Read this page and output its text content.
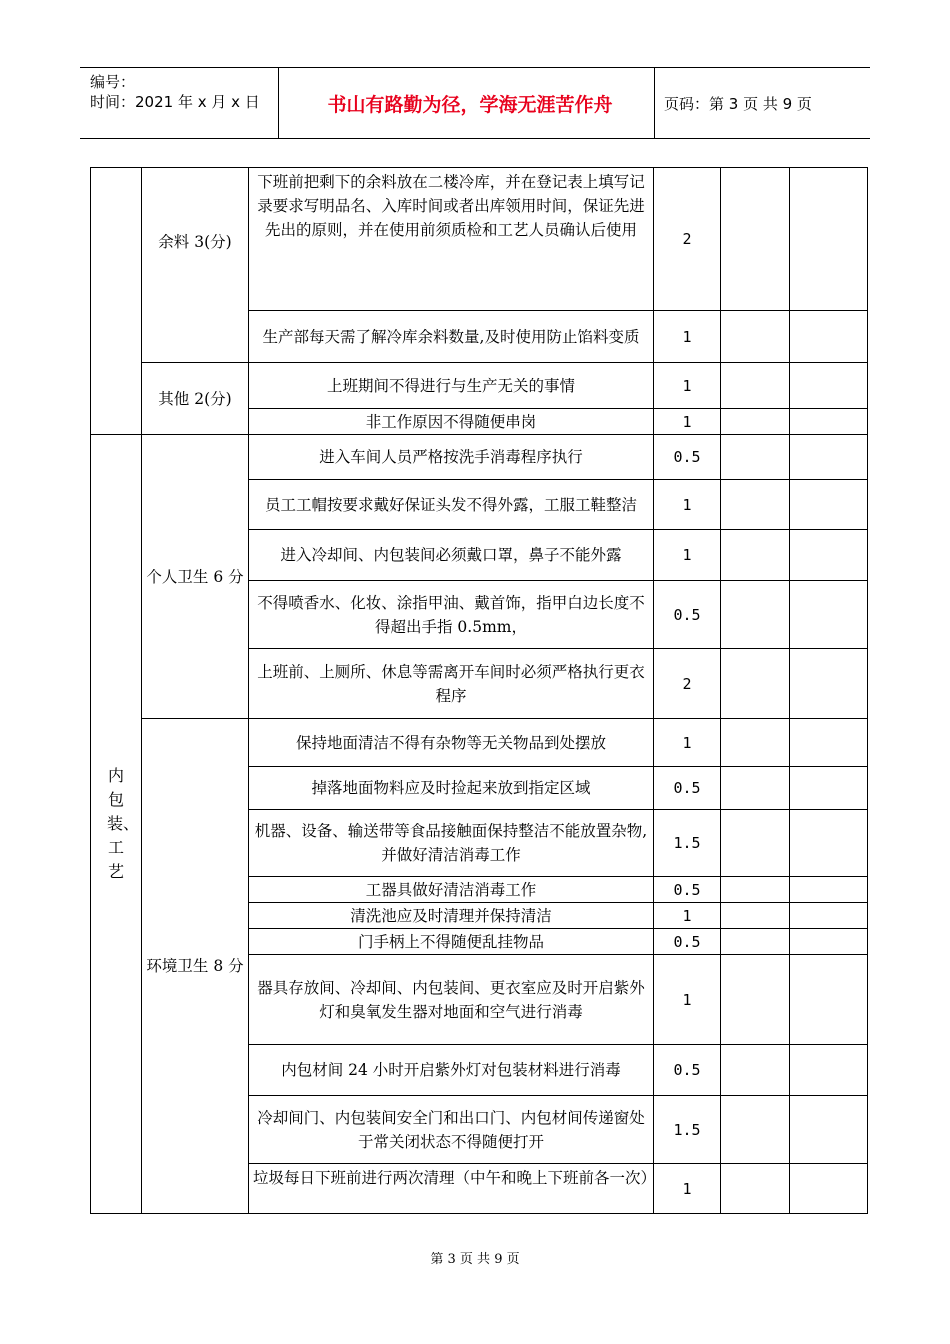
编号：
时间：2021 年 x 月 x 日	书山有路勤为径，学海无涯苦作舟	页码：第 3 页 共 9 页
	余料 3(分)	下班前把剩下的余料放在二楼冷库，并在登记表上填写记录要求写明品名、入库时间或者出库领用时间，保证先进先出的原则，并在使用前须质检和工艺人员确认后使用	2		
		生产部每天需了解冷库余料数量,及时使用防止馅料变质	1		
	其他 2(分)	上班期间不得进行与生产无关的事情	1		
		非工作原因不得随便串岗	1		
内包装、工艺	个人卫生 6 分	进入车间人员严格按洗手消毒程序执行	0.5		
		员工工帽按要求戴好保证头发不得外露，工服工鞋整洁	1		
		进入冷却间、内包装间必须戴口罩，鼻子不能外露	1		
		不得喷香水、化妆、涂指甲油、戴首饰，指甲白边长度不得超出手指 0.5mm，	0.5		
		上班前、上厕所、休息等需离开车间时必须严格执行更衣程序	2		
	环境卫生 8 分	保持地面清洁不得有杂物等无关物品到处摆放	1		
		掉落地面物料应及时捡起来放到指定区域	0.5		
		机器、设备、输送带等食品接触面保持整洁不能放置杂物,并做好清洁消毒工作	1.5		
		工器具做好清洁消毒工作	0.5		
		清洗池应及时清理并保持清洁	1		
		门手柄上不得随便乱挂物品	0.5		
		器具存放间、冷却间、内包装间、更衣室应及时开启紫外灯和臭氧发生器对地面和空气进行消毒	1		
		内包材间 24 小时开启紫外灯对包装材料进行消毒	0.5		
		冷却间门、内包装间安全门和出口门、内包材间传递窗处于常关闭状态不得随便打开	1.5		
		垃圾每日下班前进行两次清理（中午和晚上下班前各一次）	1		
第 3 页 共 9 页
